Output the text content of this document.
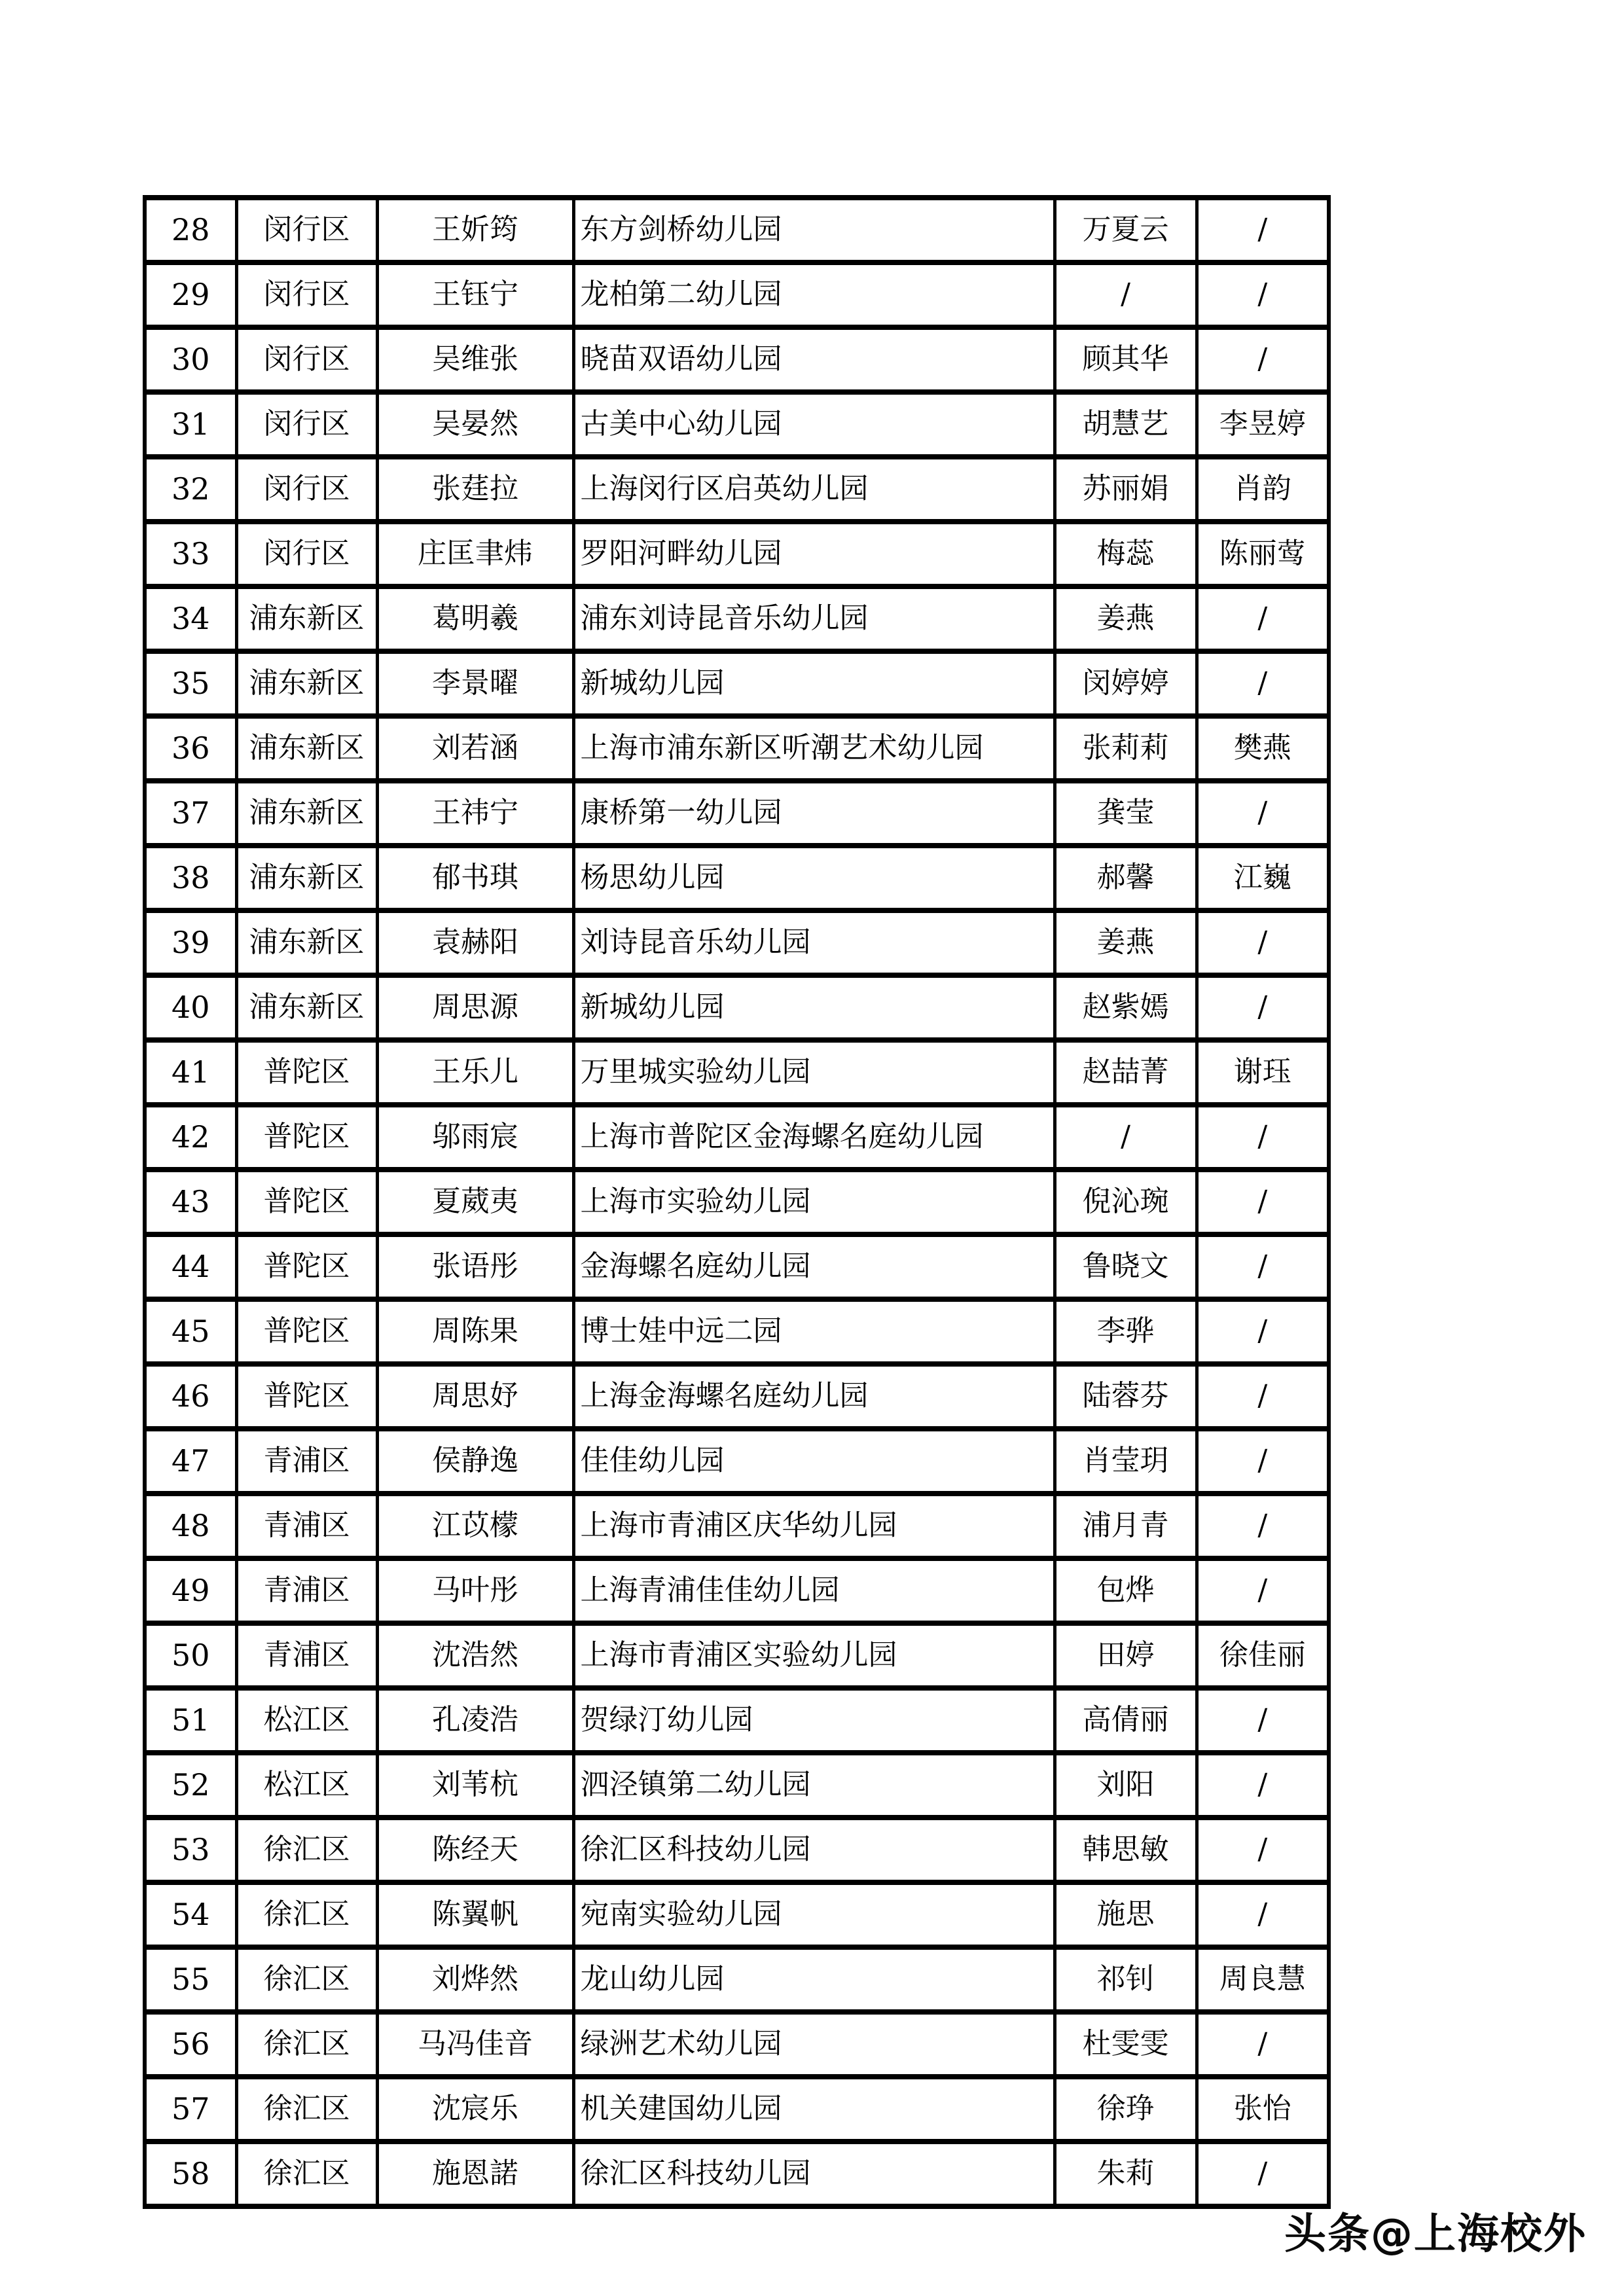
28	闵行区	王妡筠	东方剑桥幼儿园	万夏云	/
29	闵行区	王钰宁	龙柏第二幼儿园	/	/
30	闵行区	吴维张	晓苗双语幼儿园	顾其华	/
31	闵行区	吴晏然	古美中心幼儿园	胡慧艺	李昱婷
32	闵行区	张莛拉	上海闵行区启英幼儿园	苏丽娟	肖韵
33	闵行区	庄匡聿炜	罗阳河畔幼儿园	梅蕊	陈丽莺
34	浦东新区	葛明羲	浦东刘诗昆音乐幼儿园	姜燕	/
35	浦东新区	李景曜	新城幼儿园	闵婷婷	/
36	浦东新区	刘若涵	上海市浦东新区听潮艺术幼儿园	张莉莉	樊燕
37	浦东新区	王祎宁	康桥第一幼儿园	龚莹	/
38	浦东新区	郁书琪	杨思幼儿园	郝馨	江巍
39	浦东新区	袁赫阳	刘诗昆音乐幼儿园	姜燕	/
40	浦东新区	周思源	新城幼儿园	赵紫嫣	/
41	普陀区	王乐儿	万里城实验幼儿园	赵喆菁	谢珏
42	普陀区	邬雨宸	上海市普陀区金海螺名庭幼儿园	/	/
43	普陀区	夏葳夷	上海市实验幼儿园	倪沁琬	/
44	普陀区	张语彤	金海螺名庭幼儿园	鲁晓文	/
45	普陀区	周陈果	博士娃中远二园	李骅	/
46	普陀区	周思妤	上海金海螺名庭幼儿园	陆蓉芬	/
47	青浦区	侯静逸	佳佳幼儿园	肖莹玥	/
48	青浦区	江苡檬	上海市青浦区庆华幼儿园	浦月青	/
49	青浦区	马叶彤	上海青浦佳佳幼儿园	包烨	/
50	青浦区	沈浩然	上海市青浦区实验幼儿园	田婷	徐佳丽
51	松江区	孔凌浩	贺绿汀幼儿园	高倩丽	/
52	松江区	刘苇杭	泗泾镇第二幼儿园	刘阳	/
53	徐汇区	陈经天	徐汇区科技幼儿园	韩思敏	/
54	徐汇区	陈翼帆	宛南实验幼儿园	施思	/
55	徐汇区	刘烨然	龙山幼儿园	祁钊	周良慧
56	徐汇区	马冯佳音	绿洲艺术幼儿园	杜雯雯	/
57	徐汇区	沈宸乐	机关建国幼儿园	徐琤	张怡
58	徐汇区	施恩諾	徐汇区科技幼儿园	朱莉	/
头条@上海校外
